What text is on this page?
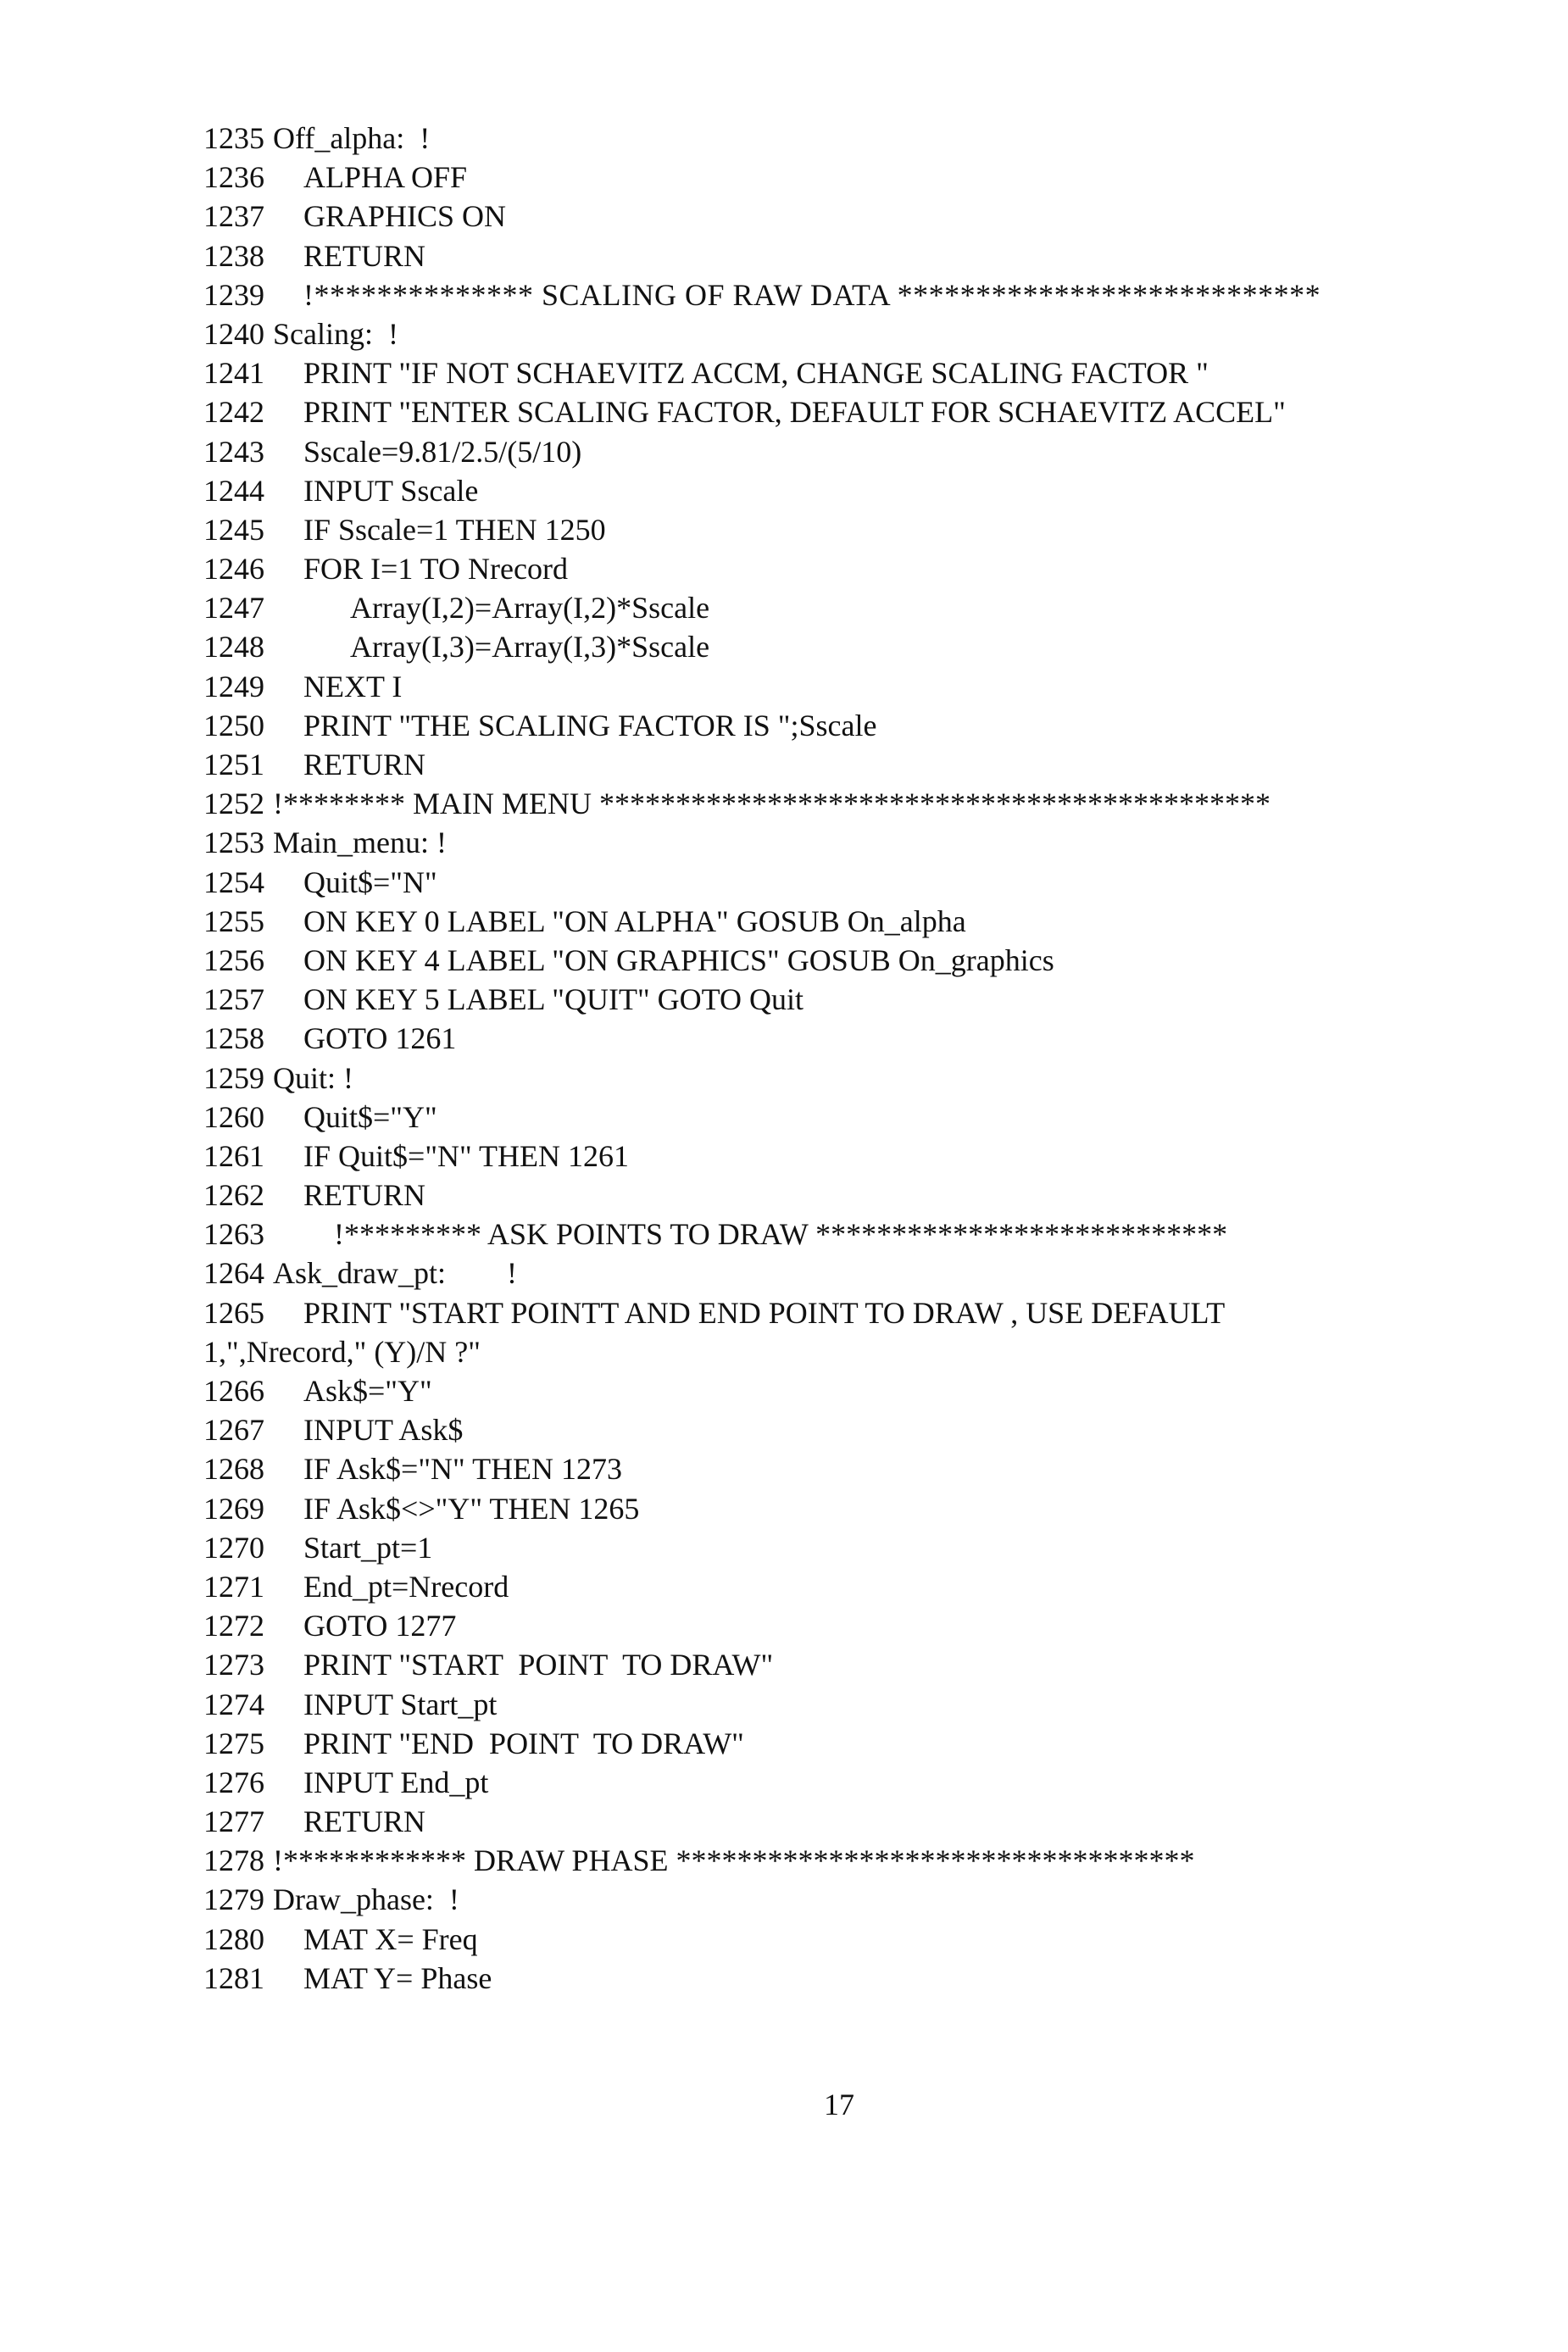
1235 Off_alpha:  !
1236 ALPHA OFF
1237 GRAPHICS ON
1238 RETURN
1239 !************** SCALING OF RAW DATA ***************************
1240 Scaling:  !
1241 PRINT "IF NOT SCHAEVITZ ACCM, CHANGE SCALING FACTOR "
1242 PRINT "ENTER SCALING FACTOR, DEFAULT FOR SCHAEVITZ ACCEL"
1243 Sscale=9.81/2.5/(5/10)
1244 INPUT Sscale
1245 IF Sscale=1 THEN 1250
1246 FOR I=1 TO Nrecord
1247	Array(I,2)=Array(I,2)*Sscale
1248	Array(I,3)=Array(I,3)*Sscale
1249 NEXT I
1250 PRINT "THE SCALING FACTOR IS ";Sscale
1251 RETURN
1252 !******** MAIN MENU ********************************************
1253 Main_menu: !
1254 Quit$="N"
1255 ON KEY 0 LABEL "ON ALPHA" GOSUB On_alpha
1256 ON KEY 4 LABEL "ON GRAPHICS" GOSUB On_graphics
1257 ON KEY 5 LABEL "QUIT" GOTO Quit
1258 GOTO 1261
1259 Quit: !
1260 Quit$="Y"
1261 IF Quit$="N" THEN 1261
1262 RETURN
1263    !********* ASK POINTS TO DRAW ***************************
1264 Ask_draw_pt:        !
1265 PRINT "START POINTT AND END POINT TO DRAW , USE DEFAULT
1,",Nrecord," (Y)/N ?"
1266 Ask$="Y"
1267 INPUT Ask$
1268 IF Ask$="N" THEN 1273
1269 IF Ask$<>"Y" THEN 1265
1270 Start_pt=1
1271 End_pt=Nrecord
1272 GOTO 1277
1273 PRINT "START  POINT  TO DRAW"
1274 INPUT Start_pt
1275 PRINT "END  POINT  TO DRAW"
1276 INPUT End_pt
1277 RETURN
1278 !************ DRAW PHASE **********************************
1279 Draw_phase:  !
1280 MAT X= Freq
1281 MAT Y= Phase
17
